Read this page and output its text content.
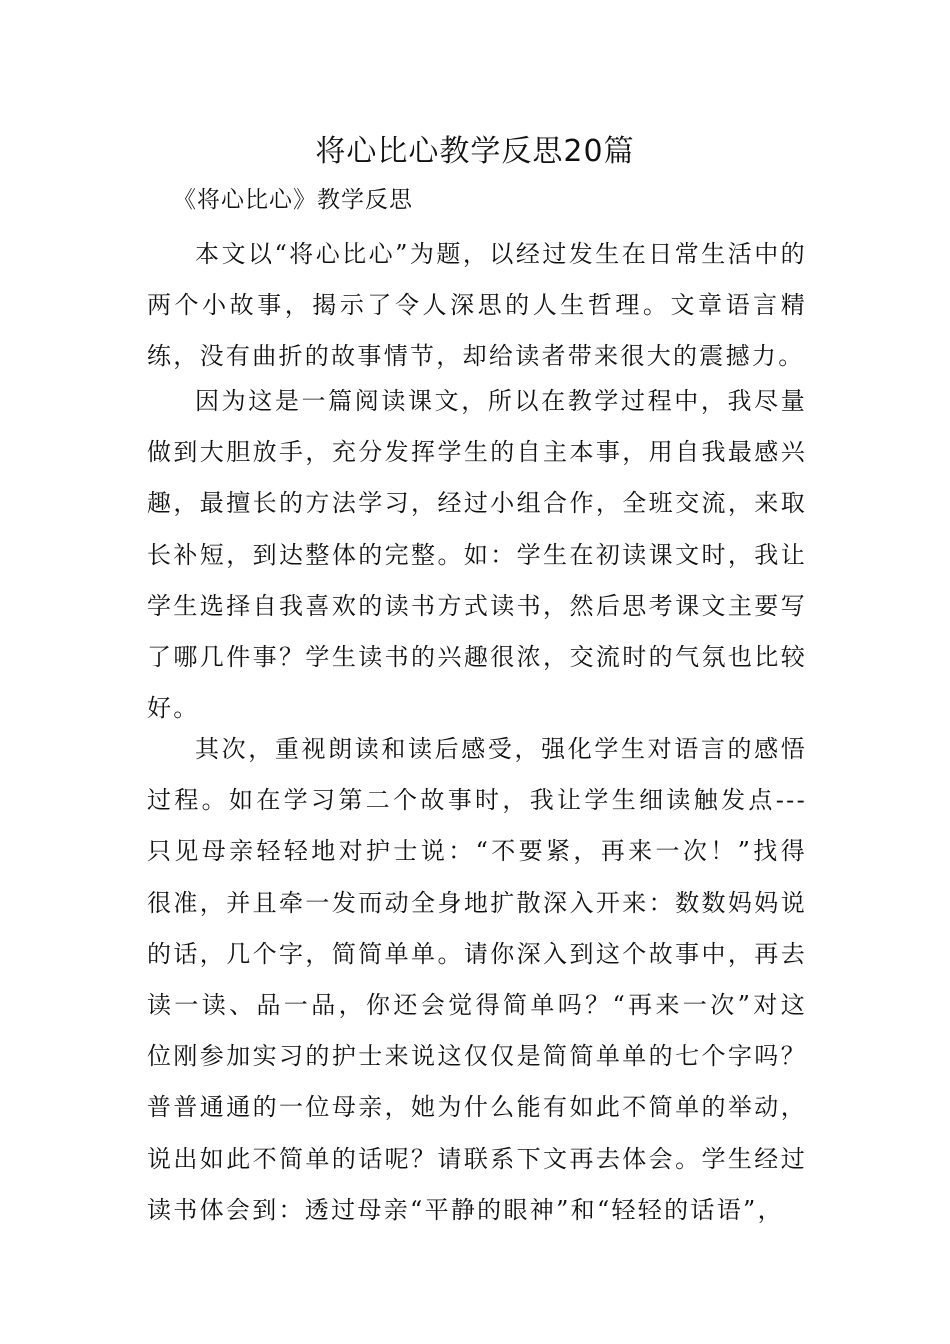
将心比心教学反思20篇

《将心比心》教学反思

本文以“将心比心”为题，以经过发生在日常生活中的两个小故事，揭示了令人深思的人生哲理。文章语言精练，没有曲折的故事情节，却给读者带来很大的震撼力。

因为这是一篇阅读课文，所以在教学过程中，我尽量做到大胆放手，充分发挥学生的自主本事，用自我最感兴趣，最擅长的方法学习，经过小组合作，全班交流，来取长补短，到达整体的完整。如：学生在初读课文时，我让学生选择自我喜欢的读书方式读书，然后思考课文主要写了哪几件事？学生读书的兴趣很浓，交流时的气氛也比较好。

其次，重视朗读和读后感受，强化学生对语言的感悟过程。如在学习第二个故事时，我让学生细读触发点---只见母亲轻轻地对护士说：“不要紧，再来一次！”找得很准，并且牵一发而动全身地扩散深入开来：数数妈妈说的话，几个字，简简单单。请你深入到这个故事中，再去读一读、品一品，你还会觉得简单吗？“再来一次”对这位刚参加实习的护士来说这仅仅是简简单单的七个字吗？普普通通的一位母亲，她为什么能有如此不简单的举动，说出如此不简单的话呢？请联系下文再去体会。学生经过读书体会到：透过母亲“平静的眼神”和“轻轻的话语”，
